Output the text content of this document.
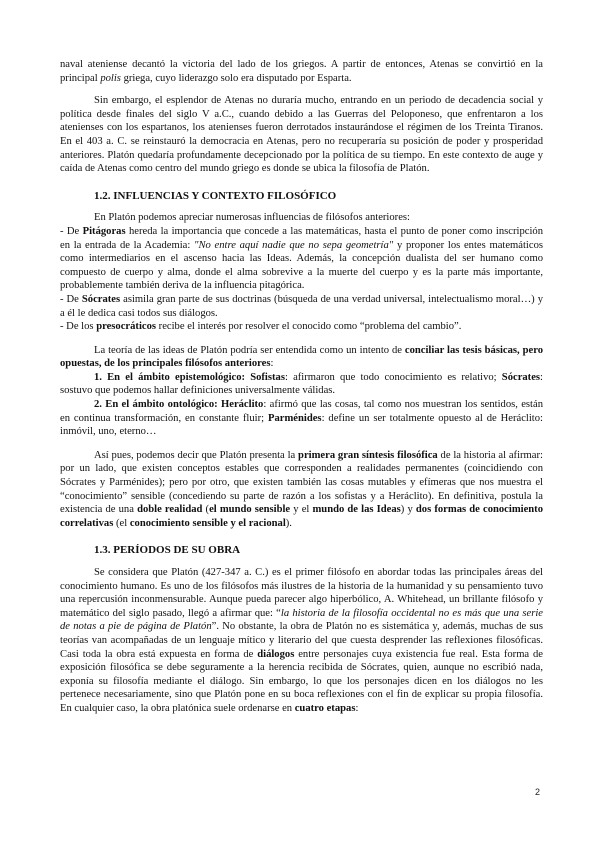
naval ateniense decantó la victoria del lado de los griegos. A partir de entonces, Atenas se convirtió en la principal polis griega, cuyo liderazgo solo era disputado por Esparta.

Sin embargo, el esplendor de Atenas no duraría mucho, entrando en un periodo de decadencia social y política desde finales del siglo V a.C., cuando debido a las Guerras del Peloponeso, que enfrentaron a los atenienses con los espartanos, los atenienses fueron derrotados instaurándose el régimen de los Treinta Tiranos. En el 403 a. C. se reinstauró la democracia en Atenas, pero no recuperaría su posición de poder y prosperidad anteriores. Platón quedaría profundamente decepcionado por la política de su tiempo. En este contexto de auge y caída de Atenas como centro del mundo griego es donde se ubica la filosofía de Platón.

1.2. INFLUENCIAS Y CONTEXTO FILOSÓFICO

En Platón podemos apreciar numerosas influencias de filósofos anteriores:

- De Pitágoras hereda la importancia que concede a las matemáticas, hasta el punto de poner como inscripción en la entrada de la Academia: "No entre aquí nadie que no sepa geometría" y proponer los entes matemáticos como intermediarios en el ascenso hacia las Ideas. Además, la concepción dualista del ser humano como compuesto de cuerpo y alma, donde el alma sobrevive a la muerte del cuerpo y es la parte más importante, probablemente también deriva de la influencia pitagórica.

- De Sócrates asimila gran parte de sus doctrinas (búsqueda de una verdad universal, intelectualismo moral…) y a él le dedica casi todos sus diálogos.

- De los presocráticos recibe el interés por resolver el conocido como “problema del cambio”.

La teoría de las ideas de Platón podría ser entendida como un intento de conciliar las tesis básicas, pero opuestas, de los principales filósofos anteriores:

1. En el ámbito epistemológico: Sofistas: afirmaron que todo conocimiento es relativo; Sócrates: sostuvo que podemos hallar definiciones universalmente válidas.

2. En el ámbito ontológico: Heráclito: afirmó que las cosas, tal como nos muestran los sentidos, están en continua transformación, en constante fluir; Parménides: define un ser totalmente opuesto al de Heráclito: inmóvil, uno, eterno…

Así pues, podemos decir que Platón presenta la primera gran síntesis filosófica de la historia al afirmar: por un lado, que existen conceptos estables que corresponden a realidades permanentes (coincidiendo con Sócrates y Parménides); pero por otro, que existen también las cosas mutables y efímeras que nos muestra el “conocimiento” sensible (concediendo su parte de razón a los sofistas y a Heráclito). En definitiva, postula la existencia de una doble realidad (el mundo sensible y el mundo de las Ideas) y dos formas de conocimiento correlativas (el conocimiento sensible y el racional).

1.3. PERÍODOS DE SU OBRA

Se considera que Platón (427-347 a. C.) es el primer filósofo en abordar todas las principales áreas del conocimiento humano. Es uno de los filósofos más ilustres de la historia de la humanidad y su pensamiento tuvo una repercusión inconmensurable. Aunque pueda parecer algo hiperbólico, A. Whitehead, un brillante filósofo y matemático del siglo pasado, llegó a afirmar que: “la historia de la filosofía occidental no es más que una serie de notas a pie de página de Platón”. No obstante, la obra de Platón no es sistemática y, además, muchas de sus teorías van acompañadas de un lenguaje mítico y literario del que cuesta desprender las reflexiones filosóficas. Casi toda la obra está expuesta en forma de diálogos entre personajes cuya existencia fue real. Esta forma de exposición filosófica se debe seguramente a la herencia recibida de Sócrates, quien, aunque no escribió nada, exponía su filosofía mediante el diálogo. Sin embargo, lo que los personajes dicen en los diálogos no les pertenece necesariamente, sino que Platón pone en su boca reflexiones con el fin de explicar su propia filosofía. En cualquier caso, la obra platónica suele ordenarse en cuatro etapas:

2
